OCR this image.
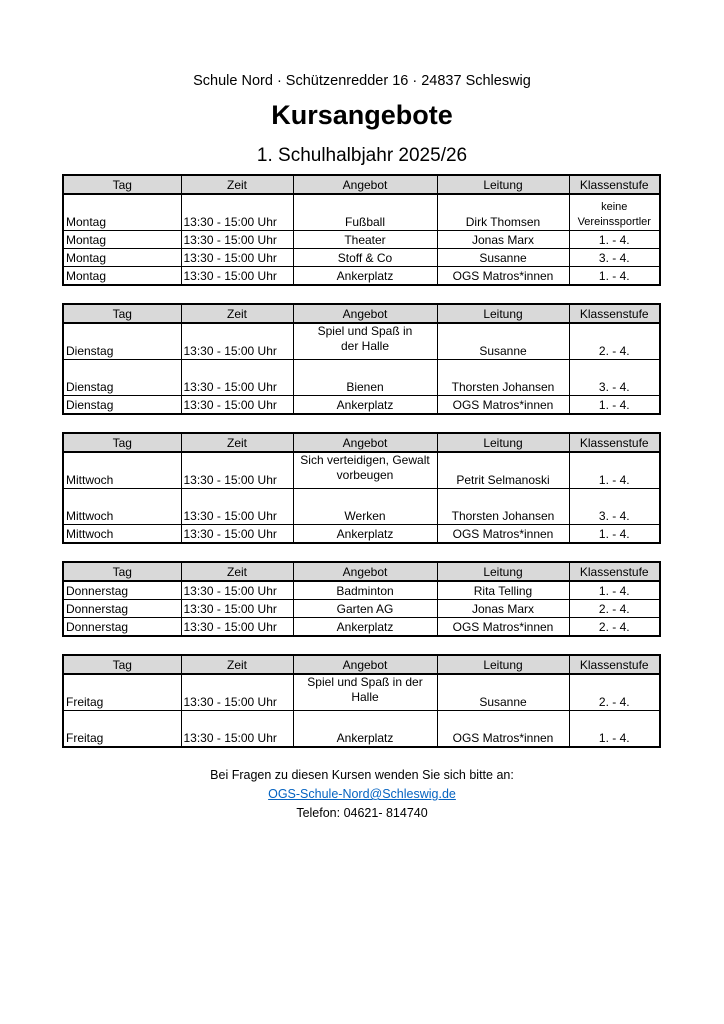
Schule Nord · Schützenredder 16 · 24837 Schleswig
Kursangebote
1. Schulhalbjahr 2025/26
Tag	Zeit	Angebot	Leitung	Klassenstufe
Montag	13:30 - 15:00 Uhr	Fußball	Dirk Thomsen	keine Vereinssportler
Montag	13:30 - 15:00 Uhr	Theater	Jonas Marx	1. - 4.
Montag	13:30 - 15:00 Uhr	Stoff & Co	Susanne	3. - 4.
Montag	13:30 - 15:00 Uhr	Ankerplatz	OGS Matros*innen	1. - 4.
Tag	Zeit	Angebot	Leitung	Klassenstufe
Dienstag	13:30 - 15:00 Uhr	Spiel und Spaß in der Halle	Susanne	2. - 4.
Dienstag	13:30 - 15:00 Uhr	Bienen	Thorsten Johansen	3. - 4.
Dienstag	13:30 - 15:00 Uhr	Ankerplatz	OGS Matros*innen	1. - 4.
Tag	Zeit	Angebot	Leitung	Klassenstufe
Mittwoch	13:30 - 15:00 Uhr	Sich verteidigen, Gewalt vorbeugen	Petrit Selmanoski	1. - 4.
Mittwoch	13:30 - 15:00 Uhr	Werken	Thorsten Johansen	3. - 4.
Mittwoch	13:30 - 15:00 Uhr	Ankerplatz	OGS Matros*innen	1. - 4.
Tag	Zeit	Angebot	Leitung	Klassenstufe
Donnerstag	13:30 - 15:00 Uhr	Badminton	Rita Telling	1. - 4.
Donnerstag	13:30 - 15:00 Uhr	Garten AG	Jonas Marx	2. - 4.
Donnerstag	13:30 - 15:00 Uhr	Ankerplatz	OGS Matros*innen	2. - 4.
Tag	Zeit	Angebot	Leitung	Klassenstufe
Freitag	13:30 - 15:00 Uhr	Spiel und Spaß in der Halle	Susanne	2. - 4.
Freitag	13:30 - 15:00 Uhr	Ankerplatz	OGS Matros*innen	1. - 4.
Bei Fragen zu diesen Kursen wenden Sie sich bitte an:
OGS-Schule-Nord@Schleswig.de
Telefon: 04621- 814740
